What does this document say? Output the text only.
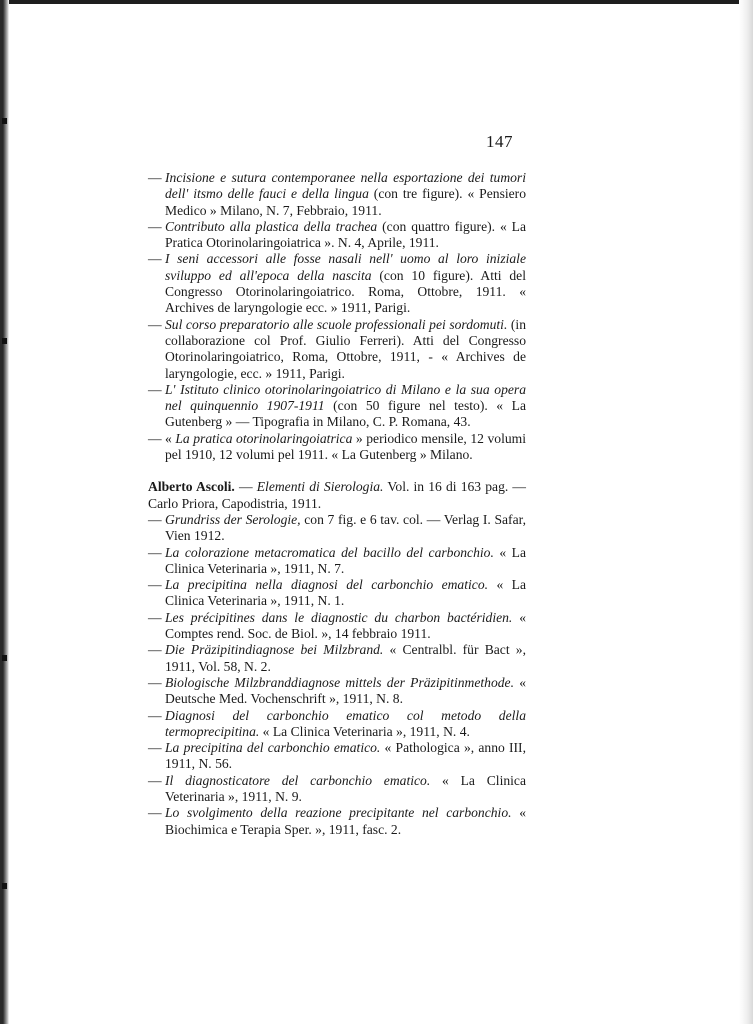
147
— Incisione e sutura contemporanee nella esportazione dei tumori dell' itsmo delle fauci e della lingua (con tre figure). « Pensiero Medico » Milano, N. 7, Febbraio, 1911.
— Contributo alla plastica della trachea (con quattro figure). « La Pratica Otorinolaringoiatrica ». N. 4, Aprile, 1911.
— I seni accessori alle fosse nasali nell' uomo al loro iniziale sviluppo ed all'epoca della nascita (con 10 figure). Atti del Congresso Otorinolaringoiatrico. Roma, Ottobre, 1911. « Archives de laryngologie ecc. » 1911, Parigi.
— Sul corso preparatorio alle scuole professionali pei sordomuti. (in collaborazione col Prof. Giulio Ferreri). Atti del Congresso Otorinolaringoiatrico, Roma, Ottobre, 1911, - « Archives de laryngologie, ecc. » 1911, Parigi.
— L' Istituto clinico otorinolaringoiatrico di Milano e la sua opera nel quinquennio 1907-1911 (con 50 figure nel testo). « La Gutenberg » — Tipografia in Milano, C. P. Romana, 43.
— « La pratica otorinolaringoiatrica » periodico mensile, 12 volumi pel 1910, 12 volumi pel 1911. « La Gutenberg » Milano.
Alberto Ascoli. — Elementi di Sierologia. Vol. in 16 di 163 pag. — Carlo Priora, Capodistria, 1911.
— Grundriss der Serologie, con 7 fig. e 6 tav. col. — Verlag I. Safar, Vien 1912.
— La colorazione metacromatica del bacillo del carbonchio. « La Clinica Veterinaria », 1911, N. 7.
— La precipitina nella diagnosi del carbonchio ematico. « La Clinica Veterinaria », 1911, N. 1.
— Les précipitines dans le diagnostic du charbon bactéridien. « Comptes rend. Soc. de Biol. », 14 febbraio 1911.
— Die Präzipitindiagnose bei Milzbrand. « Centralbl. für Bact », 1911, Vol. 58, N. 2.
— Biologische Milzbranddiagnose mittels der Präzipitinmethode. « Deutsche Med. Vochenschrift », 1911, N. 8.
— Diagnosi del carbonchio ematico col metodo della termoprecipitina. « La Clinica Veterinaria », 1911, N. 4.
— La precipitina del carbonchio ematico. « Pathologica », anno III, 1911, N. 56.
— Il diagnosticatore del carbonchio ematico. « La Clinica Veterinaria », 1911, N. 9.
— Lo svolgimento della reazione precipitante nel carbonchio. « Biochimica e Terapia Sper. », 1911, fasc. 2.
